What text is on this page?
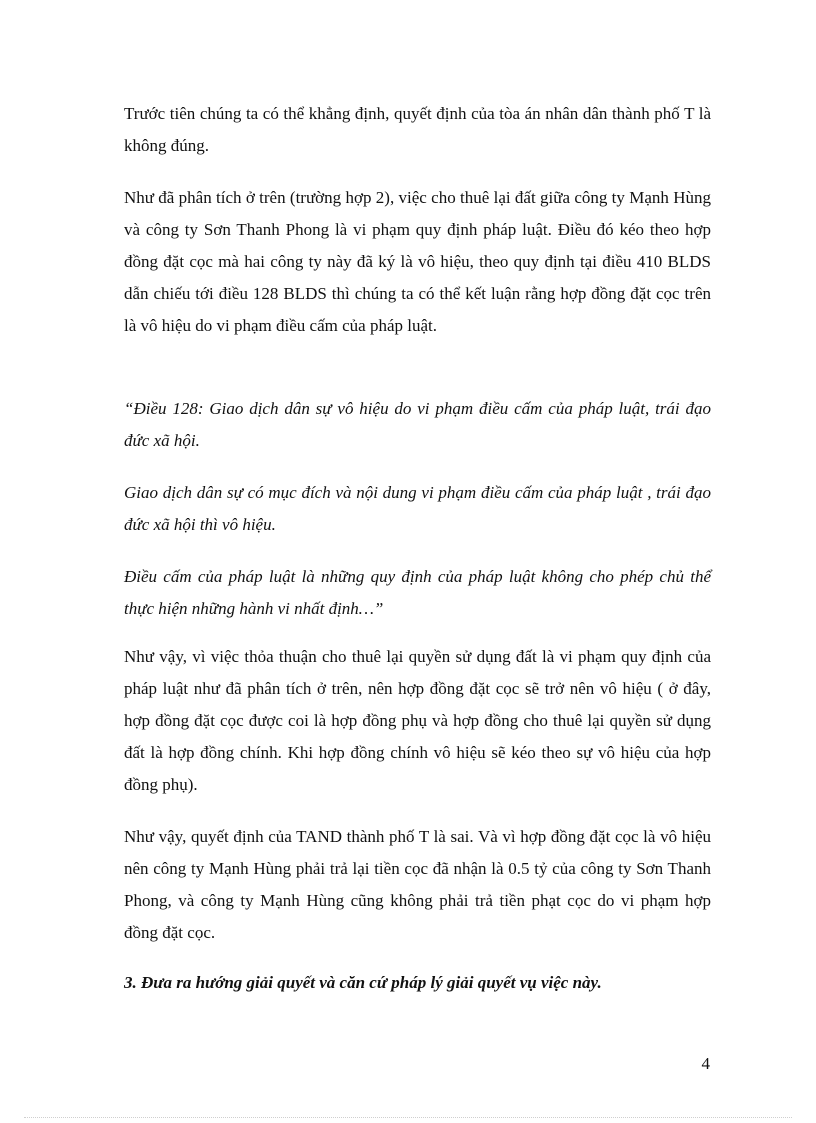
Trước tiên chúng ta có thể khẳng định, quyết định của tòa án nhân dân thành phố T là không đúng.

Như đã phân tích ở trên (trường hợp 2), việc cho thuê lại đất giữa công ty Mạnh Hùng và công ty Sơn Thanh Phong là vi phạm quy định pháp luật. Điều đó kéo theo hợp đồng đặt cọc mà hai công ty này đã ký là vô hiệu, theo quy định tại điều 410 BLDS dẫn chiếu tới điều 128 BLDS thì chúng ta có thể kết luận rằng hợp đồng đặt cọc trên là vô hiệu do vi phạm điều cấm của pháp luật.

“Điều 128: Giao dịch dân sự vô hiệu do vi phạm điều cấm của pháp luật, trái đạo đức xã hội.

Giao dịch dân sự có mục đích và nội dung vi phạm điều cấm của pháp luật , trái đạo đức xã hội thì vô hiệu.

Điều cấm của pháp luật là những quy định của pháp luật không cho phép chủ thể thực hiện những hành vi nhất định…”

Như vậy, vì việc thỏa thuận cho thuê lại quyền sử dụng đất là vi phạm quy định của pháp luật như đã phân tích ở trên, nên hợp đồng đặt cọc sẽ trở nên vô hiệu ( ở đây, hợp đồng đặt cọc được coi là hợp đồng phụ và hợp đồng cho thuê lại quyền sử dụng đất là hợp đồng chính. Khi hợp đồng chính vô hiệu sẽ kéo theo sự vô hiệu của hợp đồng phụ).

Như vậy, quyết định của TAND thành phố T là sai. Và vì hợp đồng đặt cọc là vô hiệu nên công ty Mạnh Hùng phải trả lại tiền cọc đã nhận là 0.5 tỷ của công ty Sơn Thanh Phong, và công ty Mạnh Hùng cũng không phải trả tiền phạt cọc do vi phạm hợp đồng đặt cọc.

3. Đưa ra hướng giải quyết và căn cứ pháp lý giải quyết vụ việc này.

4
